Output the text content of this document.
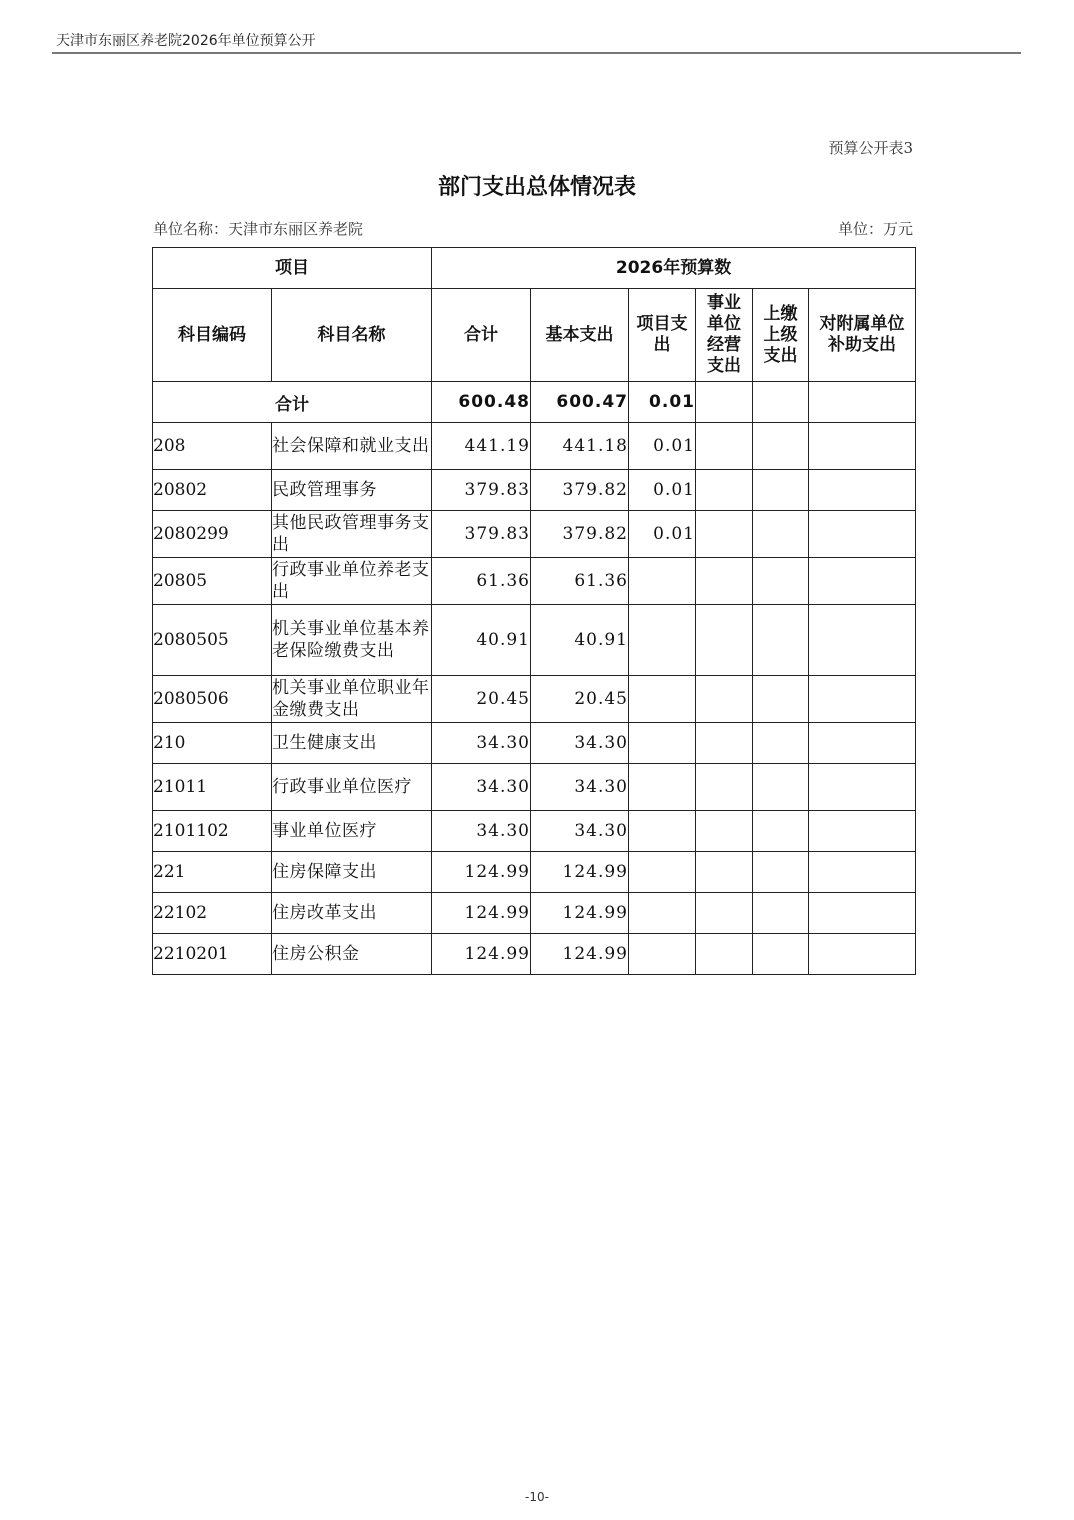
天津市东丽区养老院2026年单位预算公开
预算公开表3
部门支出总体情况表
单位名称：天津市东丽区养老院	单位：万元
项目		2026年预算数					
科目编码	科目名称	合计	基本支出	项目支出	事业单位经营支出	上缴上级支出	对附属单位补助支出
合计		600.48	600.47	0.01			
208	社会保障和就业支出	441.19	441.18	0.01			
20802	民政管理事务	379.83	379.82	0.01			
2080299	其他民政管理事务支出	379.83	379.82	0.01			
20805	行政事业单位养老支出	61.36	61.36				
2080505	机关事业单位基本养老保险缴费支出	40.91	40.91				
2080506	机关事业单位职业年金缴费支出	20.45	20.45				
210	卫生健康支出	34.30	34.30				
21011	行政事业单位医疗	34.30	34.30				
2101102	事业单位医疗	34.30	34.30				
221	住房保障支出	124.99	124.99				
22102	住房改革支出	124.99	124.99				
2210201	住房公积金	124.99	124.99				
-10-
